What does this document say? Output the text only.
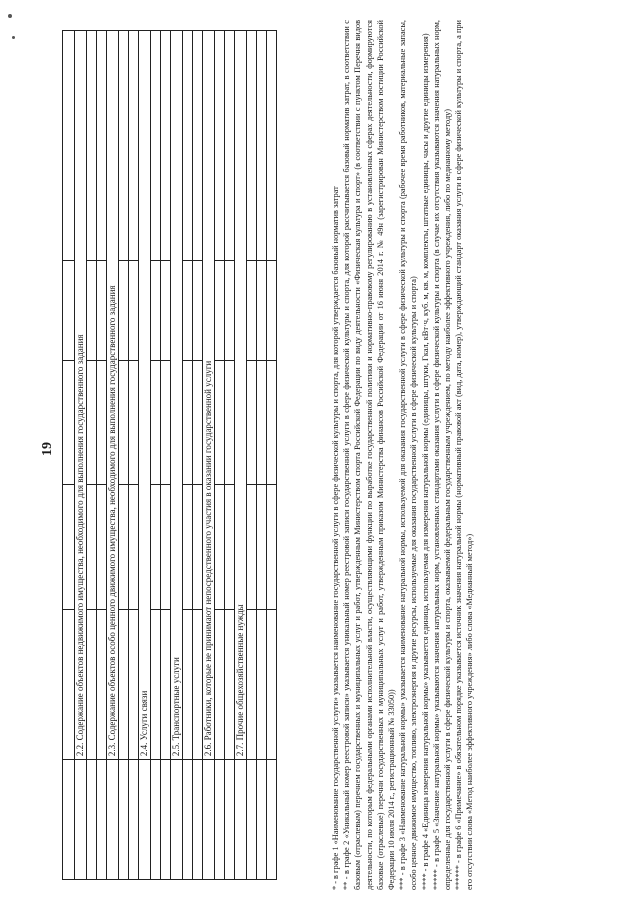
19

	2.2. Содержание объектов недвижимого имущества, необходимого для выполнения государственного задания				

	2.3. Содержание объектов особо ценного движимого имущества, необходимого для выполнения государственного задания				

	2.4. Услуги связи				

	2.5. Транспортные услуги				

	2.6. Работники, которые не принимают непосредственного участия в оказании государственной услуги				

	2.7. Прочие общехозяйственные нужды				

						* - в графе 1 «Наименование государственной услуги» указывается наименование государственной услуги в сфере физической культуры и спорта, для которой утверждается базовый норматив затрат ** - в графе 2 «Уникальный номер реестровой записи» указывается уникальный номер реестровой записи государственной услуги в сфере физической культуры и спорта, для которой рассчитывается базовый норматив затрат, в соответствии с базовым (отраслевым) перечнем государственных и муниципальных услуг и работ, утвержденным Министерством спорта Российской Федерации по виду деятельности «Физическая культура и спорт» (в соответствии с пунктом Перечня видов деятельности, по которым федеральными органами исполнительной власти, осуществляющими функции по выработке государственной политики и нормативно-правовому регулированию в установленных сферах деятельности, формируются базовые (отраслевые) перечни государственных и муниципальных услуг и работ, утвержденным приказом Министерства финансов Российской Федерации от 16 июня 2014 г. № 49н (зарегистрирован Министерством юстиции Российской Федерации 10 июля 2014 г., регистрационный № 33050)) *** - в графе 3 «Наименование натуральной нормы» указывается наименование натуральной нормы, используемой для оказания государственной услуги в сфере физической культуры и спорта (рабочее время работников, материальные запасы, особо ценное движимое имущество, топливо, электроэнергия и другие ресурсы, используемые для оказания государственной услуги в сфере физической культуры и спорта) **** - в графе 4 «Единица измерения натуральной нормы» указывается единица, используемая для измерения натуральной нормы (единицы, штуки, Гкал, кВт·ч, куб. м, кв. м, комплекты, штатные единицы, часы и другие единицы измерения) ***** - в графе 5 «Значение натуральной нормы» указываются значения натуральных норм, установленных стандартами оказания услуги в сфере физической культуры и спорта (в случае их отсутствия указываются значения натуральных норм, определенные для государственной услуги в сфере физической культуры и спорта, оказываемой федеральным государственным учреждением, по методу наиболее эффективного учреждения, либо по медианному методу) ****** - в графе 6 «Примечание» в обязательном порядке указывается источник значения натуральной нормы (нормативный правовой акт (вид, дата, номер), утверждающий стандарт оказания услуги в сфере физической культуры и спорта, а при его отсутствии слова «Метод наиболее эффективного учреждения» либо слова «Медианный метод»)
